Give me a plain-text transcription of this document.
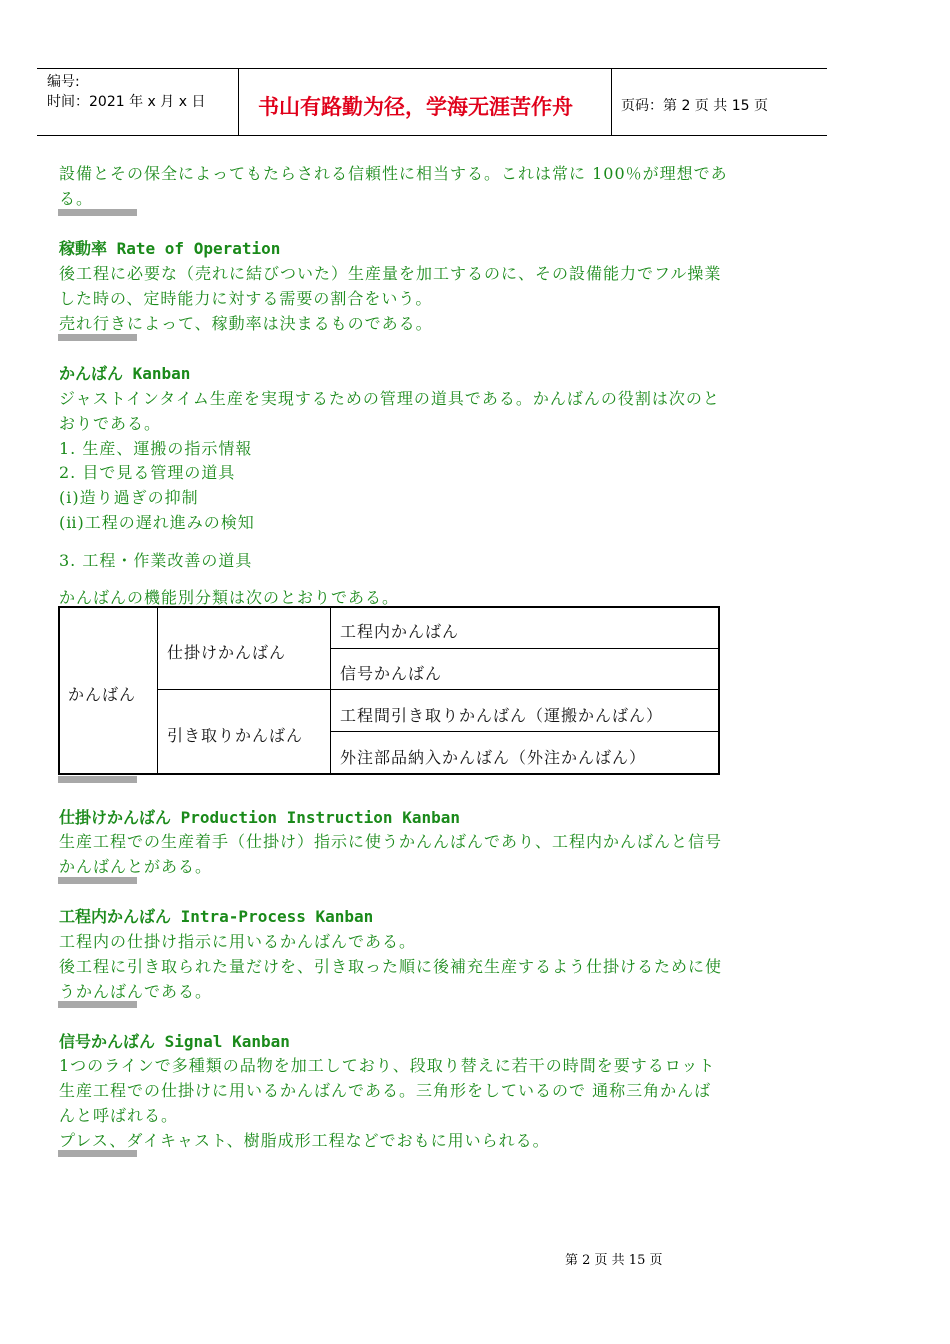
编号:
时间：2021 年 x 月 x 日	书山有路勤为径，学海无涯苦作舟	页码：第 2 页 共 15 页
設備とその保全によってもたらされる信頼性に相当する。これは常に 100％が理想であ
る。
稼動率 Rate of Operation
後工程に必要な（売れに結びついた）生産量を加工するのに、その設備能力でフル操業
した時の、定時能力に対する需要の割合をいう。
売れ行きによって、稼動率は決まるものである。
かんばん Kanban
ジャストインタイム生産を実現するための管理の道具である。かんばんの役割は次のと
おりである。
1. 生産、運搬の指示情報
2. 目で見る管理の道具
(ⅰ)造り過ぎの抑制
(ⅱ)工程の遅れ進みの検知
3. 工程・作業改善の道具
かんばんの機能別分類は次のとおりである。
かんばん
仕掛けかんばん
引き取りかんばん
工程内かんばん
信号かんばん
工程間引き取りかんばん（運搬かんばん）
外注部品納入かんばん（外注かんばん）
仕掛けかんばん Production Instruction Kanban
生産工程での生産着手（仕掛け）指示に使うかんんばんであり、工程内かんばんと信号
かんばんとがある。
工程内かんばん Intra-Process Kanban
工程内の仕掛け指示に用いるかんばんである。
後工程に引き取られた量だけを、引き取った順に後補充生産するよう仕掛けるために使
うかんばんである。
信号かんばん Signal Kanban
1つのラインで多種類の品物を加工しており、段取り替えに若干の時間を要するロット
生産工程での仕掛けに用いるかんばんである。三角形をしているので 通称三角かんば
んと呼ばれる。
プレス、ダイキャスト、樹脂成形工程などでおもに用いられる。
第 2 页 共 15 页
